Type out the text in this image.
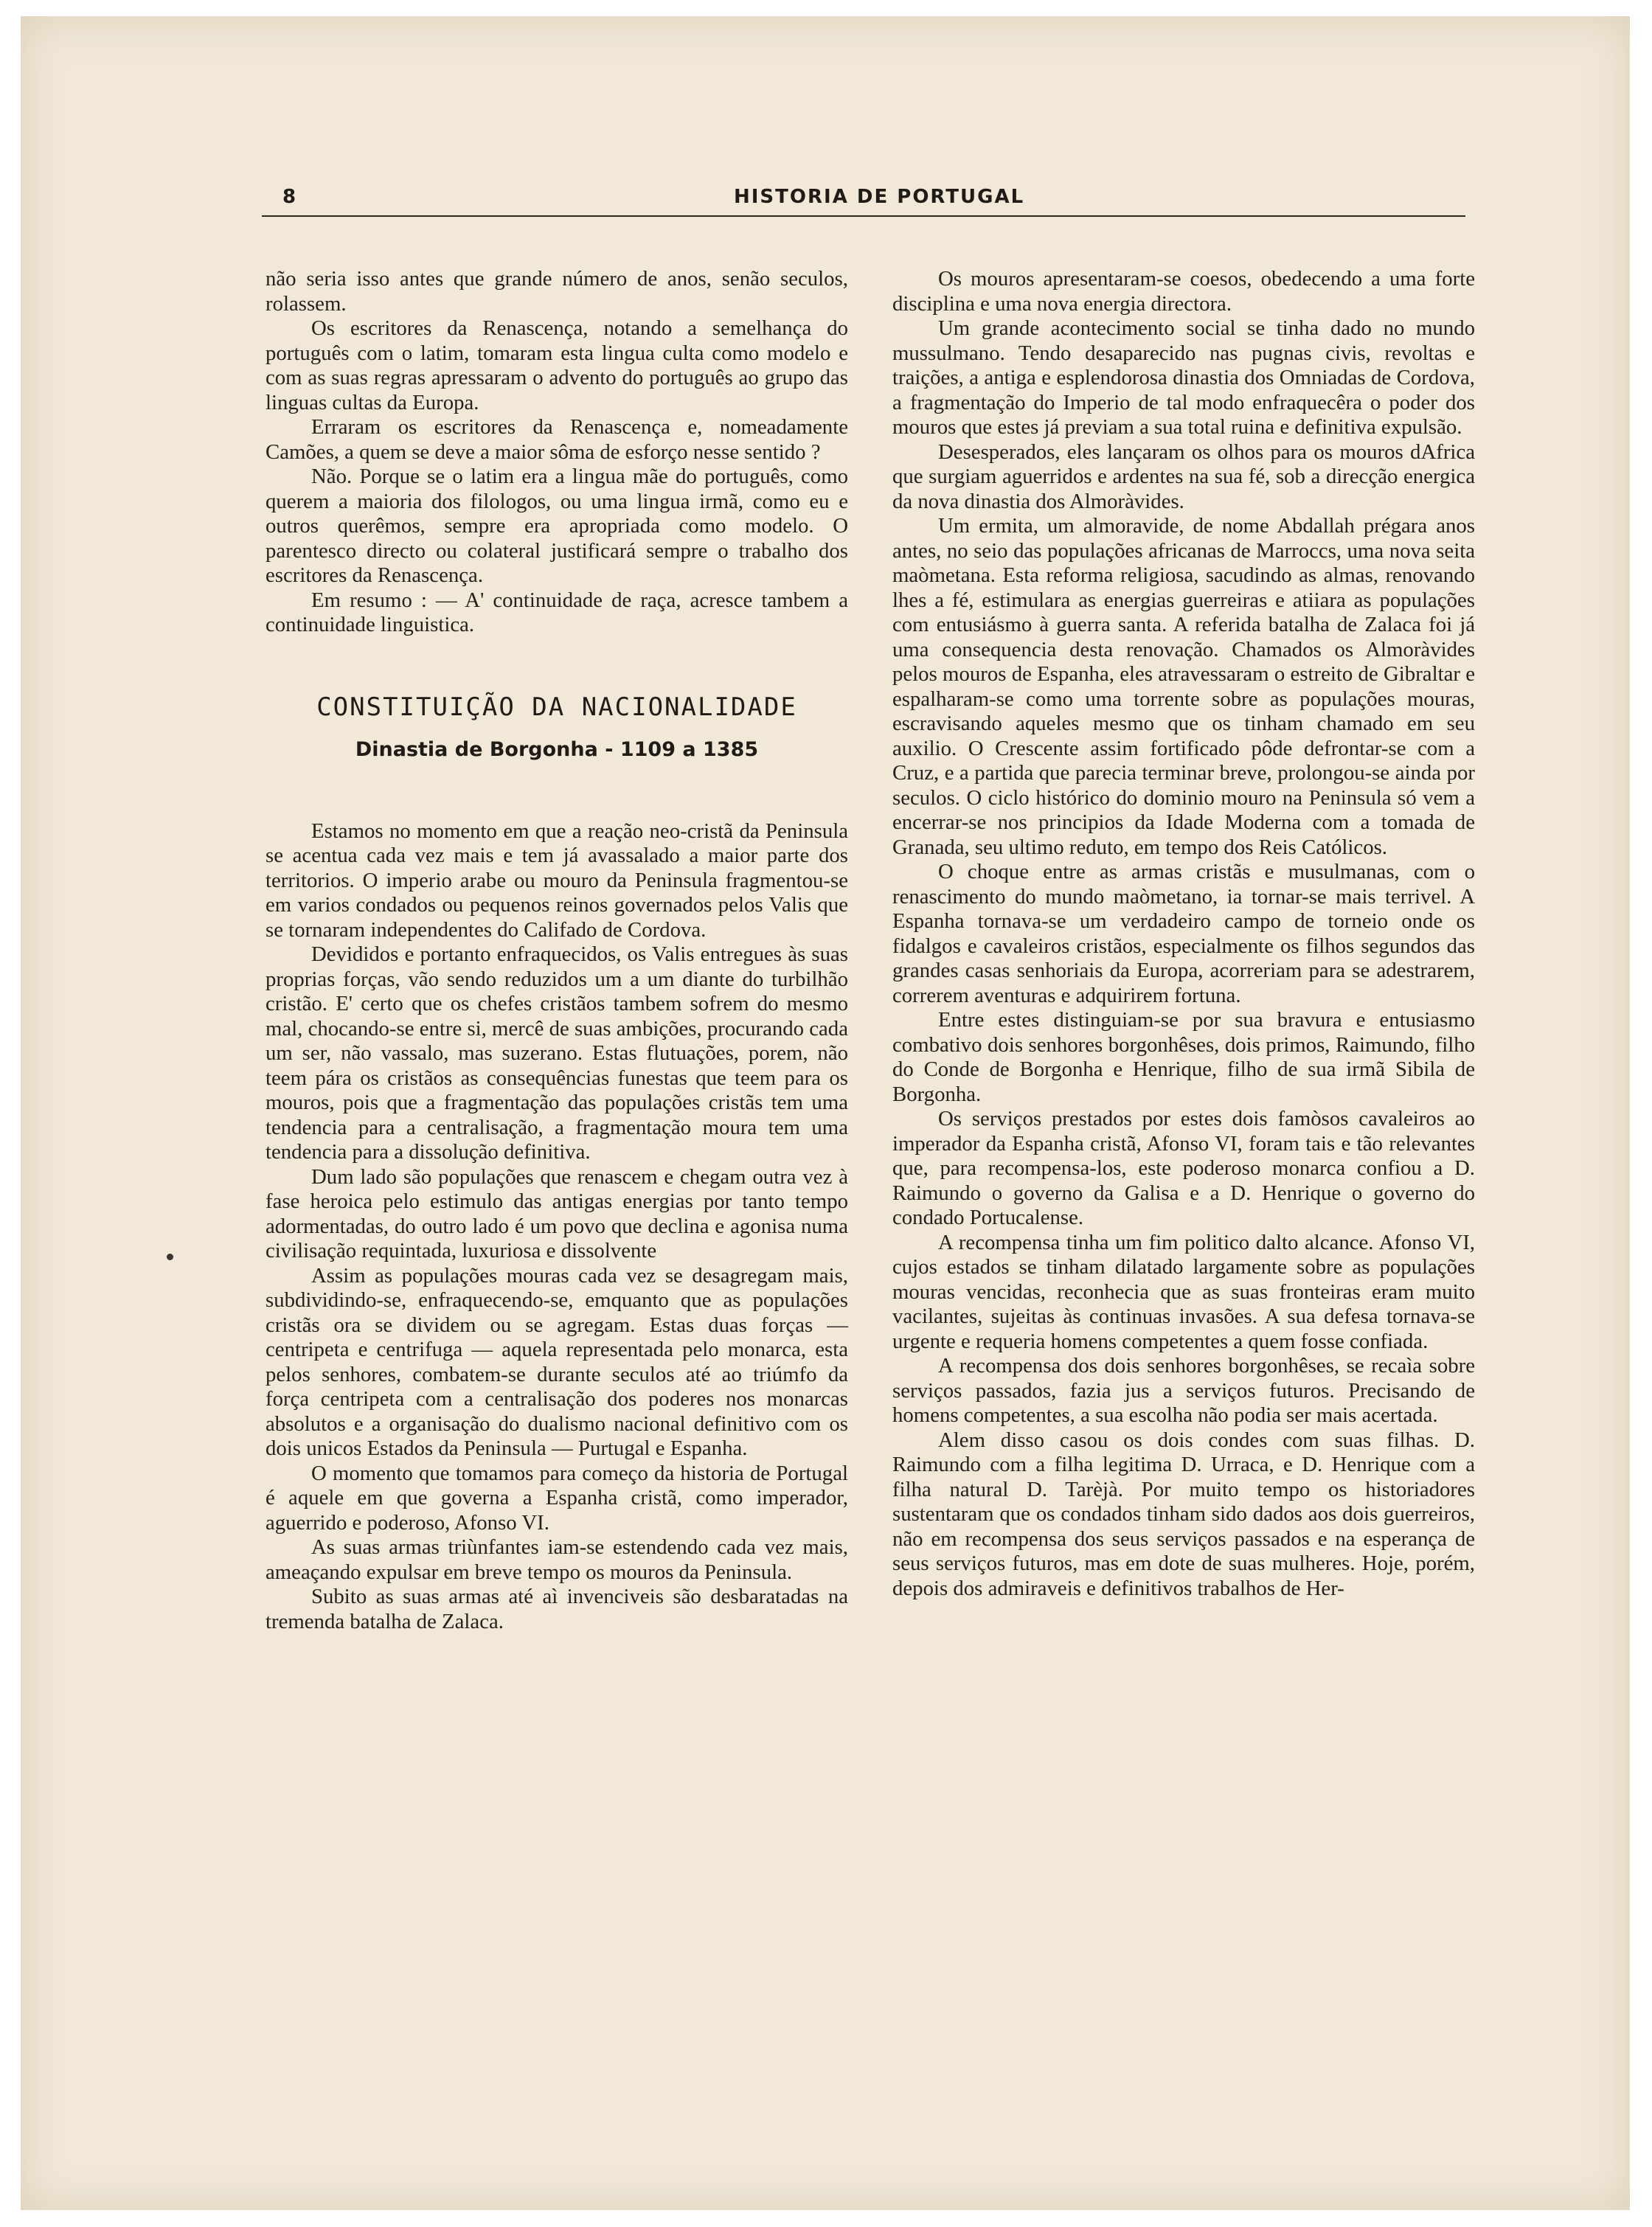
8	HISTORIA DE PORTUGAL

não seria isso antes que grande número de anos, senão seculos, rolassem.

Os escritores da Renascença, notando a semelhança do português com o latim, tomaram esta lingua culta como modelo e com as suas regras apressaram o advento do português ao grupo das linguas cultas da Europa.

Erraram os escritores da Renascença e, nomeadamente Camões, a quem se deve a maior sôma de esforço nesse sentido ?

Não. Porque se o latim era a lingua mãe do português, como querem a maioria dos filologos, ou uma lingua irmã, como eu e outros querêmos, sempre era apropriada como modelo. O parentesco directo ou colateral justificará sempre o trabalho dos escritores da Renascença.

Em resumo : — A' continuidade de raça, acresce tambem a continuidade linguistica.

CONSTITUIÇÃO DA NACIONALIDADE
Dinastia de Borgonha - 1109 a 1385

Estamos no momento em que a reação neo-cristã da Peninsula se acentua cada vez mais e tem já avassalado a maior parte dos territorios. O imperio arabe ou mouro da Peninsula fragmentou-se em varios condados ou pequenos reinos governados pelos Valis que se tornaram independentes do Califado de Cordova.

Devididos e portanto enfraquecidos, os Valis entregues às suas proprias forças, vão sendo reduzidos um a um diante do turbilhão cristão. E' certo que os chefes cristãos tambem sofrem do mesmo mal, chocando-se entre si, mercê de suas ambições, procurando cada um ser, não vassalo, mas suzerano. Estas flutuações, porem, não teem pára os cristãos as consequências funestas que teem para os mouros, pois que a fragmentação das populações cristãs tem uma tendencia para a centralisação, a fragmentação moura tem uma tendencia para a dissolução definitiva.

Dum lado são populações que renascem e chegam outra vez à fase heroica pelo estimulo das antigas energias por tanto tempo adormentadas, do outro lado é um povo que declina e agonisa numa civilisação requintada, luxuriosa e dissolvente

Assim as populações mouras cada vez se desagregam mais, subdividindo-se, enfraquecendo-se, emquanto que as populações cristãs ora se dividem ou se agregam. Estas duas forças — centripeta e centrifuga — aquela representada pelo monarca, esta pelos senhores, combatem-se durante seculos até ao triúmfo da força centripeta com a centralisação dos poderes nos monarcas absolutos e a organisação do dualismo nacional definitivo com os dois unicos Estados da Peninsula — Purtugal e Espanha.

O momento que tomamos para começo da historia de Portugal é aquele em que governa a Espanha cristã, como imperador, aguerrido e poderoso, Afonso VI.

As suas armas triùnfantes iam-se estendendo cada vez mais, ameaçando expulsar em breve tempo os mouros da Peninsula.

Subito as suas armas até aì invenciveis são desbaratadas na tremenda batalha de Zalaca.

Os mouros apresentaram-se coesos, obedecendo a uma forte disciplina e uma nova energia directora.

Um grande acontecimento social se tinha dado no mundo mussulmano. Tendo desaparecido nas pugnas civis, revoltas e traições, a antiga e esplendorosa dinastia dos Omniadas de Cordova, a fragmentação do Imperio de tal modo enfraquecêra o poder dos mouros que estes já previam a sua total ruina e definitiva expulsão.

Desesperados, eles lançaram os olhos para os mouros dAfrica que surgiam aguerridos e ardentes na sua fé, sob a direcção energica da nova dinastia dos Almoràvides.

Um ermita, um almoravide, de nome Abdallah prégara anos antes, no seio das populações africanas de Marroccs, uma nova seita maòmetana. Esta reforma religiosa, sacudindo as almas, renovando lhes a fé, estimulara as energias guerreiras e atiiara as populações com entusiásmo à guerra santa. A referida batalha de Zalaca foi já uma consequencia desta renovação. Chamados os Almoràvides pelos mouros de Espanha, eles atravessaram o estreito de Gibraltar e espalharam-se como uma torrente sobre as populações mouras, escravisando aqueles mesmo que os tinham chamado em seu auxilio. O Crescente assim fortificado pôde defrontar-se com a Cruz, e a partida que parecia terminar breve, prolongou-se ainda por seculos. O ciclo histórico do dominio mouro na Peninsula só vem a encerrar-se nos principios da Idade Moderna com a tomada de Granada, seu ultimo reduto, em tempo dos Reis Católicos.

O choque entre as armas cristãs e musulmanas, com o renascimento do mundo maòmetano, ia tornar-se mais terrivel. A Espanha tornava-se um verdadeiro campo de torneio onde os fidalgos e cavaleiros cristãos, especialmente os filhos segundos das grandes casas senhoriais da Europa, acorreriam para se adestrarem, correrem aventuras e adquirirem fortuna.

Entre estes distinguiam-se por sua bravura e entusiasmo combativo dois senhores borgonhêses, dois primos, Raimundo, filho do Conde de Borgonha e Henrique, filho de sua irmã Sibila de Borgonha.

Os serviços prestados por estes dois famòsos cavaleiros ao imperador da Espanha cristã, Afonso VI, foram tais e tão relevantes que, para recompensa-los, este poderoso monarca confiou a D. Raimundo o governo da Galisa e a D. Henrique o governo do condado Portucalense.

A recompensa tinha um fim politico dalto alcance. Afonso VI, cujos estados se tinham dilatado largamente sobre as populações mouras vencidas, reconhecia que as suas fronteiras eram muito vacilantes, sujeitas às continuas invasões. A sua defesa tornava-se urgente e requeria homens competentes a quem fosse confiada.

A recompensa dos dois senhores borgonhêses, se recaìa sobre serviços passados, fazia jus a serviços futuros. Precisando de homens competentes, a sua escolha não podia ser mais acertada.

Alem disso casou os dois condes com suas filhas. D. Raimundo com a filha legitima D. Urraca, e D. Henrique com a filha natural D. Tarèjà. Por muito tempo os historiadores sustentaram que os condados tinham sido dados aos dois guerreiros, não em recompensa dos seus serviços passados e na esperança de seus serviços futuros, mas em dote de suas mulheres. Hoje, porém, depois dos admiraveis e definitivos trabalhos de Her-
